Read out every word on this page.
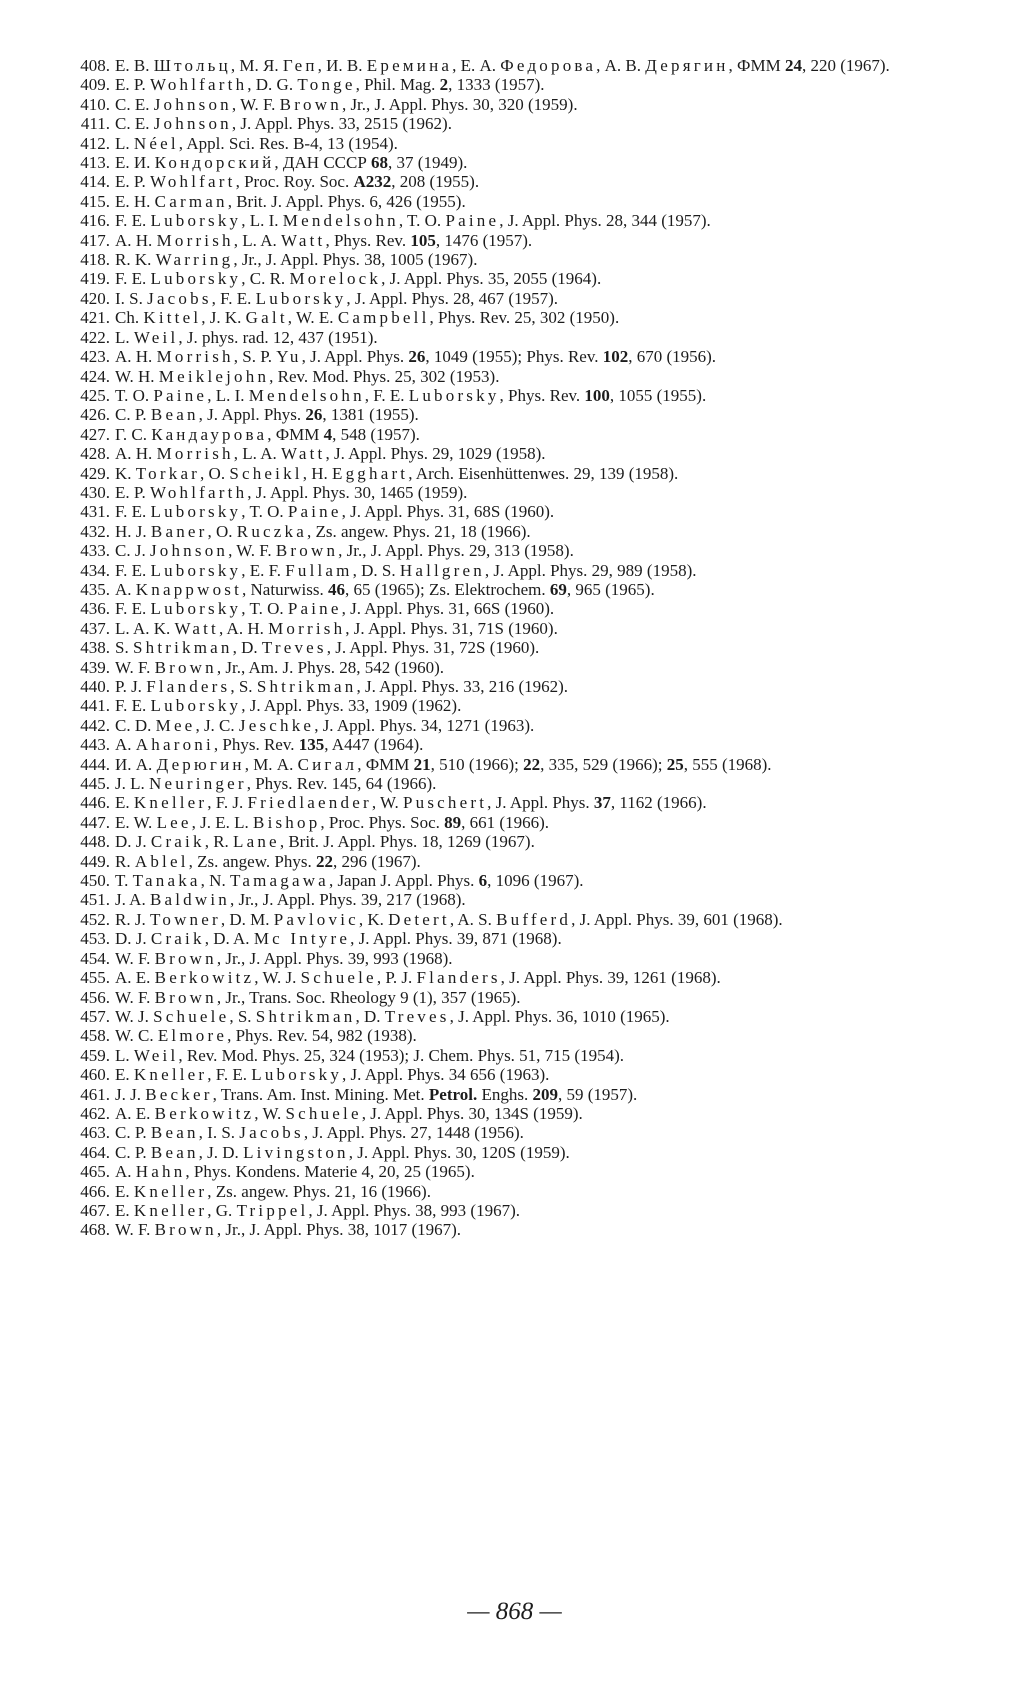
408. Е. В. Штольц, М. Я. Геп, И. В. Еремина, Е. А. Федорова, А. В. Дерягин, ФММ 24, 220 (1967).
409. E. P. Wohlfarth, D. G. Tonge, Phil. Mag. 2, 1333 (1957).
410. C. E. Johnson, W. F. Brown, Jr., J. Appl. Phys. 30, 320 (1959).
411. C. E. Johnson, J. Appl. Phys. 33, 2515 (1962).
412. L. Néel, Appl. Sci. Res. B-4, 13 (1954).
413. Е. И. Кондорский, ДАН СССР 68, 37 (1949).
414. E. P. Wohlfart, Proc. Roy. Soc. A232, 208 (1955).
415. E. H. Carman, Brit. J. Appl. Phys. 6, 426 (1955).
416. F. E. Luborsky, L. I. Mendelsohn, T. O. Paine, J. Appl. Phys. 28, 344 (1957).
417. A. H. Morrish, L. A. Watt, Phys. Rev. 105, 1476 (1957).
418. R. K. Warring, Jr., J. Appl. Phys. 38, 1005 (1967).
419. F. E. Luborsky, C. R. Morelock, J. Appl. Phys. 35, 2055 (1964).
420. I. S. Jacobs, F. E. Luborsky, J. Appl. Phys. 28, 467 (1957).
421. Ch. Kittel, J. K. Galt, W. E. Campbell, Phys. Rev. 25, 302 (1950).
422. L. Weil, J. phys. rad. 12, 437 (1951).
423. A. H. Morrish, S. P. Yu, J. Appl. Phys. 26, 1049 (1955); Phys. Rev. 102, 670 (1956).
424. W. H. Meiklejohn, Rev. Mod. Phys. 25, 302 (1953).
425. T. O. Paine, L. I. Mendelsohn, F. E. Luborsky, Phys. Rev. 100, 1055 (1955).
426. C. P. Bean, J. Appl. Phys. 26, 1381 (1955).
427. Г. С. Кандаурова, ФММ 4, 548 (1957).
428. A. H. Morrish, L. A. Watt, J. Appl. Phys. 29, 1029 (1958).
429. K. Torkar, O. Scheikl, H. Egghart, Arch. Eisenhüttenwes. 29, 139 (1958).
430. E. P. Wohlfarth, J. Appl. Phys. 30, 1465 (1959).
431. F. E. Luborsky, T. O. Paine, J. Appl. Phys. 31, 68S (1960).
432. H. J. Baner, O. Ruczka, Zs. angew. Phys. 21, 18 (1966).
433. C. J. Johnson, W. F. Brown, Jr., J. Appl. Phys. 29, 313 (1958).
434. F. E. Luborsky, E. F. Fullam, D. S. Hallgren, J. Appl. Phys. 29, 989 (1958).
435. A. Knappwost, Naturwiss. 46, 65 (1965); Zs. Elektrochem. 69, 965 (1965).
436. F. E. Luborsky, T. O. Paine, J. Appl. Phys. 31, 66S (1960).
437. L. A. K. Watt, A. H. Morrish, J. Appl. Phys. 31, 71S (1960).
438. S. Shtrikman, D. Treves, J. Appl. Phys. 31, 72S (1960).
439. W. F. Brown, Jr., Am. J. Phys. 28, 542 (1960).
440. P. J. Flanders, S. Shtrikman, J. Appl. Phys. 33, 216 (1962).
441. F. E. Luborsky, J. Appl. Phys. 33, 1909 (1962).
442. C. D. Mee, J. C. Jeschke, J. Appl. Phys. 34, 1271 (1963).
443. A. Aharoni, Phys. Rev. 135, A447 (1964).
444. И. А. Дерюгин, М. А. Сигал, ФММ 21, 510 (1966); 22, 335, 529 (1966); 25, 555 (1968).
445. J. L. Neuringer, Phys. Rev. 145, 64 (1966).
446. E. Kneller, F. J. Friedlaender, W. Puschert, J. Appl. Phys. 37, 1162 (1966).
447. E. W. Lee, J. E. L. Bishop, Proc. Phys. Soc. 89, 661 (1966).
448. D. J. Craik, R. Lane, Brit. J. Appl. Phys. 18, 1269 (1967).
449. R. Ablel, Zs. angew. Phys. 22, 296 (1967).
450. T. Tanaka, N. Tamagawa, Japan J. Appl. Phys. 6, 1096 (1967).
451. J. A. Baldwin, Jr., J. Appl. Phys. 39, 217 (1968).
452. R. J. Towner, D. M. Pavlovic, K. Detert, A. S. Bufferd, J. Appl. Phys. 39, 601 (1968).
453. D. J. Craik, D. A. Mc Intyre, J. Appl. Phys. 39, 871 (1968).
454. W. F. Brown, Jr., J. Appl. Phys. 39, 993 (1968).
455. A. E. Berkowitz, W. J. Schuele, P. J. Flanders, J. Appl. Phys. 39, 1261 (1968).
456. W. F. Brown, Jr., Trans. Soc. Rheology 9 (1), 357 (1965).
457. W. J. Schuele, S. Shtrikman, D. Treves, J. Appl. Phys. 36, 1010 (1965).
458. W. C. Elmore, Phys. Rev. 54, 982 (1938).
459. L. Weil, Rev. Mod. Phys. 25, 324 (1953); J. Chem. Phys. 51, 715 (1954).
460. E. Kneller, F. E. Luborsky, J. Appl. Phys. 34 656 (1963).
461. J. J. Becker, Trans. Am. Inst. Mining. Met. Petrol. Enghs. 209, 59 (1957).
462. A. E. Berkowitz, W. Schuele, J. Appl. Phys. 30, 134S (1959).
463. C. P. Bean, I. S. Jacobs, J. Appl. Phys. 27, 1448 (1956).
464. C. P. Bean, J. D. Livingston, J. Appl. Phys. 30, 120S (1959).
465. A. Hahn, Phys. Kondens. Materie 4, 20, 25 (1965).
466. E. Kneller, Zs. angew. Phys. 21, 16 (1966).
467. E. Kneller, G. Trippel, J. Appl. Phys. 38, 993 (1967).
468. W. F. Brown, Jr., J. Appl. Phys. 38, 1017 (1967).
— 868 —
